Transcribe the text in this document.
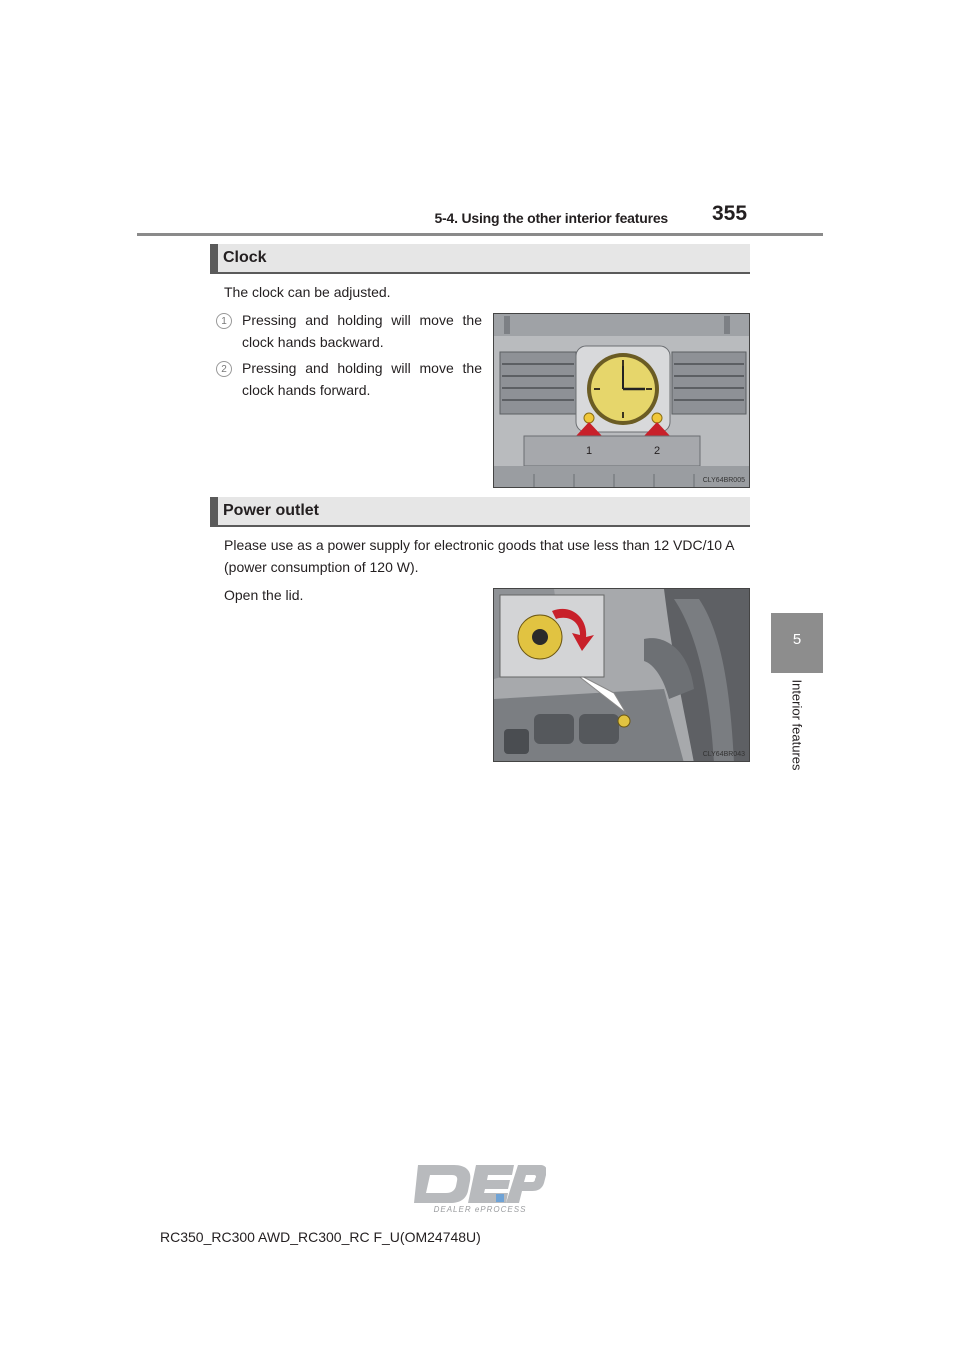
5-4. Using the other interior features 355
5
Interior features
Clock
The clock can be adjusted.
1	Pressing and holding will move the clock hands backward.
2	Pressing and holding will move the clock hands forward.
1	2
CLY64BR005
Power outlet
Please use as a power supply for electronic goods that use less than 12 VDC/10 A (power consumption of 120 W).
Open the lid.
CLY64BR043
DEALER ePROCESS
RC350_RC300 AWD_RC300_RC F_U(OM24748U)
